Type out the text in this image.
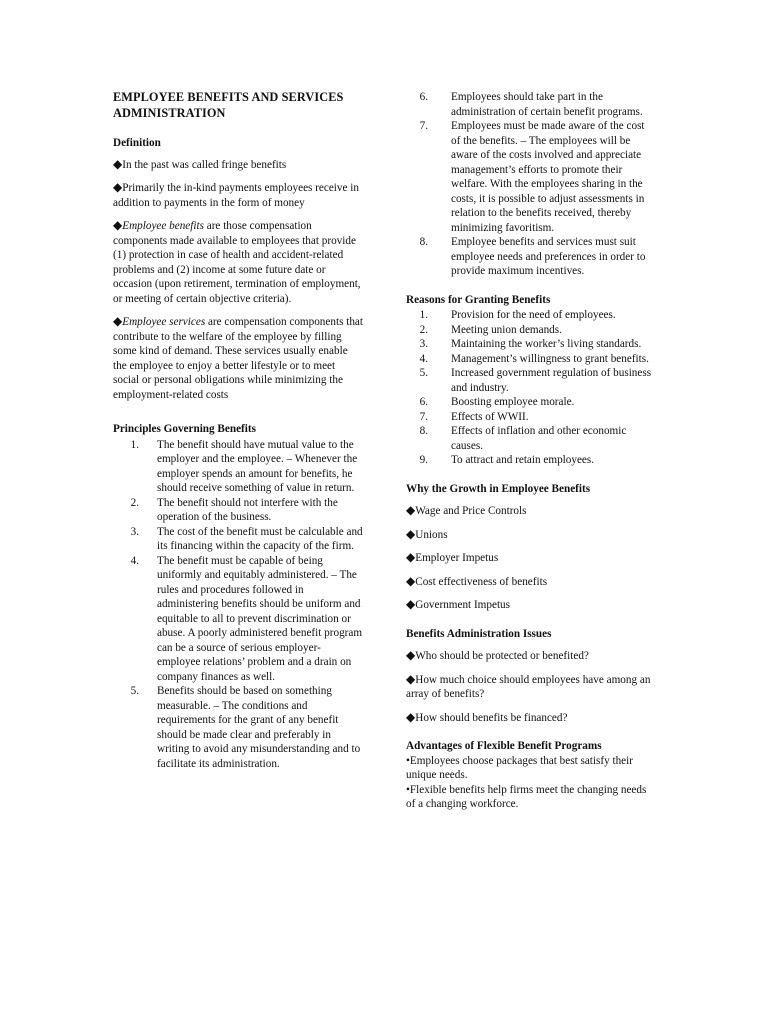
EMPLOYEE BENEFITS AND SERVICES ADMINISTRATION
Definition
◆In the past was called fringe benefits
◆Primarily the in-kind payments employees receive in addition to payments in the form of money
◆Employee benefits are those compensation components made available to employees that provide (1) protection in case of health and accident-related problems and (2) income at some future date or occasion (upon retirement, termination of employment, or meeting of certain objective criteria).
◆Employee services are compensation components that contribute to the welfare of the employee by filling some kind of demand. These services usually enable the employee to enjoy a better lifestyle or to meet social or personal obligations while minimizing the employment-related costs
Principles Governing Benefits
1.	The benefit should have mutual value to the employer and the employee. – Whenever the employer spends an amount for benefits, he should receive something of value in return.
2.	The benefit should not interfere with the operation of the business.
3.	The cost of the benefit must be calculable and its financing within the capacity of the firm.
4.	The benefit must be capable of being uniformly and equitably administered. – The rules and procedures followed in administering benefits should be uniform and equitable to all to prevent discrimination or abuse. A poorly administered benefit program can be a source of serious employer-employee relations’ problem and a drain on company finances as well.
5.	Benefits should be based on something measurable. – The conditions and requirements for the grant of any benefit should be made clear and preferably in writing to avoid any misunderstanding and to facilitate its administration.
6.	Employees should take part in the administration of certain benefit programs.
7.	Employees must be made aware of the cost of the benefits. – The employees will be aware of the costs involved and appreciate management’s efforts to promote their welfare. With the employees sharing in the costs, it is possible to adjust assessments in relation to the benefits received, thereby minimizing favoritism.
8.	Employee benefits and services must suit employee needs and preferences in order to provide maximum incentives.
Reasons for Granting Benefits
1.	Provision for the need of employees.
2.	Meeting union demands.
3.	Maintaining the worker’s living standards.
4.	Management’s willingness to grant benefits.
5.	Increased government regulation of business and industry.
6.	Boosting employee morale.
7.	Effects of WWII.
8.	Effects of inflation and other economic causes.
9.	To attract and retain employees.
Why the Growth in Employee Benefits
◆Wage and Price Controls
◆Unions
◆Employer Impetus
◆Cost effectiveness of benefits
◆Government Impetus
Benefits Administration Issues
◆Who should be protected or benefited?
◆How much choice should employees have among an array of benefits?
◆How should benefits be financed?
Advantages of Flexible Benefit Programs
•Employees choose packages that best satisfy their unique needs.
•Flexible benefits help firms meet the changing needs of a changing workforce.
